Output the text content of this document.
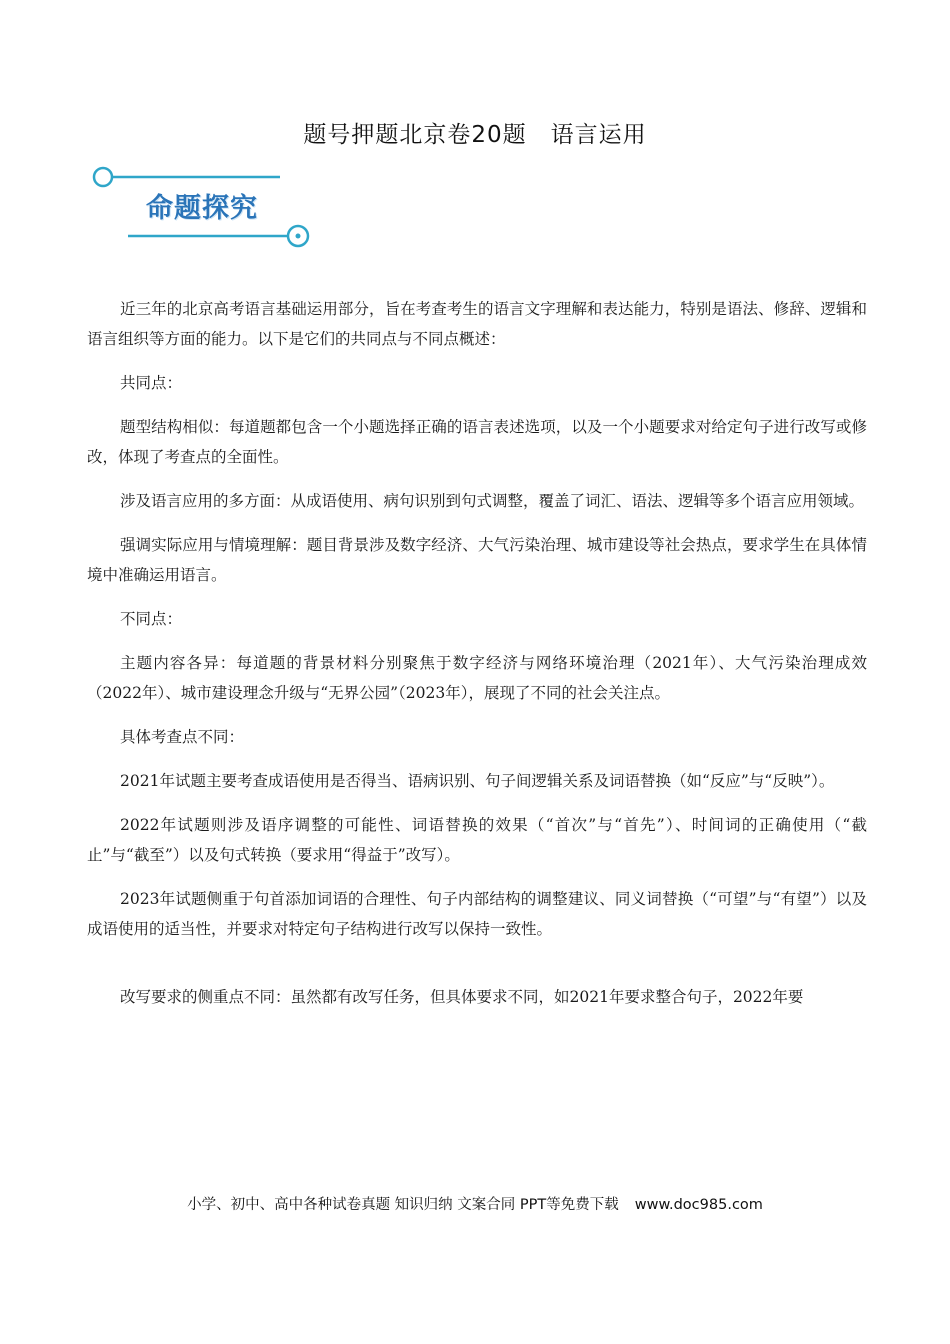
题号押题北京卷20题　语言运用
命题探究

近三年的北京高考语言基础运用部分，旨在考查考生的语言文字理解和表达能力，特别是语法、修辞、逻辑和语言组织等方面的能力。以下是它们的共同点与不同点概述：

共同点：

题型结构相似：每道题都包含一个小题选择正确的语言表述选项，以及一个小题要求对给定句子进行改写或修改，体现了考查点的全面性。

涉及语言应用的多方面：从成语使用、病句识别到句式调整，覆盖了词汇、语法、逻辑等多个语言应用领域。

强调实际应用与情境理解：题目背景涉及数字经济、大气污染治理、城市建设等社会热点，要求学生在具体情境中准确运用语言。

不同点：

主题内容各异：每道题的背景材料分别聚焦于数字经济与网络环境治理（2021年）、大气污染治理成效（2022年）、城市建设理念升级与“无界公园”（2023年），展现了不同的社会关注点。

具体考查点不同：

2021年试题主要考查成语使用是否得当、语病识别、句子间逻辑关系及词语替换（如“反应”与“反映”）。

2022年试题则涉及语序调整的可能性、词语替换的效果（“首次”与“首先”）、时间词的正确使用（“截止”与“截至”）以及句式转换（要求用“得益于”改写）。

2023年试题侧重于句首添加词语的合理性、句子内部结构的调整建议、同义词替换（“可望”与“有望”）以及成语使用的适当性，并要求对特定句子结构进行改写以保持一致性。

改写要求的侧重点不同：虽然都有改写任务，但具体要求不同，如2021年要求整合句子，2022年要

小学、初中、高中各种试卷真题 知识归纳 文案合同 PPT等免费下载 www.doc985.com
